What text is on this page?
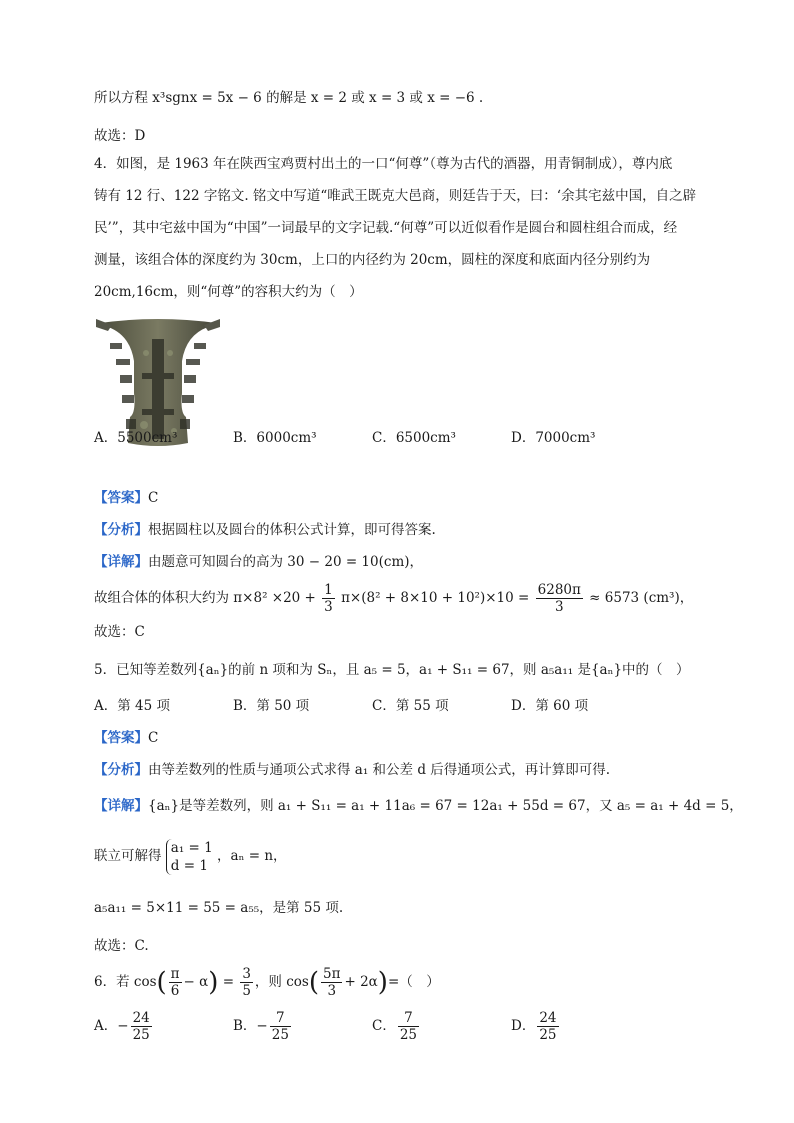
所以方程 x³sgnx = 5x − 6 的解是 x = 2 或 x = 3 或 x = −6 .
故选：D
4．如图，是 1963 年在陕西宝鸡贾村出土的一口“何尊”（尊为古代的酒器，用青铜制成），尊内底
铸有 12 行、122 字铭文. 铭文中写道“唯武王既克大邑商，则廷告于天，曰：‘余其宅兹中国，自之辟
民’”，其中宅兹中国为“中国”一词最早的文字记载.“何尊”可以近似看作是圆台和圆柱组合而成，经
测量，该组合体的深度约为 30cm，上口的内径约为 20cm，圆柱的深度和底面内径分别约为
20cm,16cm，则“何尊”的容积大约为（　）
A．5500cm³	B．6000cm³	C．6500cm³	D．7000cm³
【答案】C
【分析】根据圆柱以及圆台的体积公式计算，即可得答案.
【详解】由题意可知圆台的高为 30 − 20 = 10(cm)，
故组合体的体积大约为 $\pi\times 8^2 \times 20 + \frac{1}{3} \pi\times(8^2 + 8\times 10 + 10^2)\times 10 = \frac{6280\pi}{3} \approx 6573$ (cm³)，
故选：C
5．已知等差数列{aₙ}的前 n 项和为 Sₙ，且 a₅ = 5，a₁ + S₁₁ = 67，则 a₅a₁₁ 是{aₙ}中的（　）
A．第 45 项	B．第 50 项	C．第 55 项	D．第 60 项
【答案】C
【分析】由等差数列的性质与通项公式求得 a₁ 和公差 d 后得通项公式，再计算即可得.
【详解】{aₙ}是等差数列，则 a₁ + S₁₁ = a₁ + 11a₆ = 67 = 12a₁ + 55d = 67，又 a₅ = a₁ + 4d = 5，
联立可解得
a₁ = 1
d = 1
，aₙ = n，
a₅a₁₁ = 5×11 = 55 = a₅₅，是第 55 项.
故选：C.
6．若 $\cos( \frac{\pi}{6} - \alpha) = \frac{3}{5}$ ，则 $\cos( \frac{5\pi}{3} + 2\alpha)=$（　）
A．− $\frac{24}{25}$	B．− $\frac{7}{25}$	C． $\frac{7}{25}$	D． $\frac{24}{25}$
